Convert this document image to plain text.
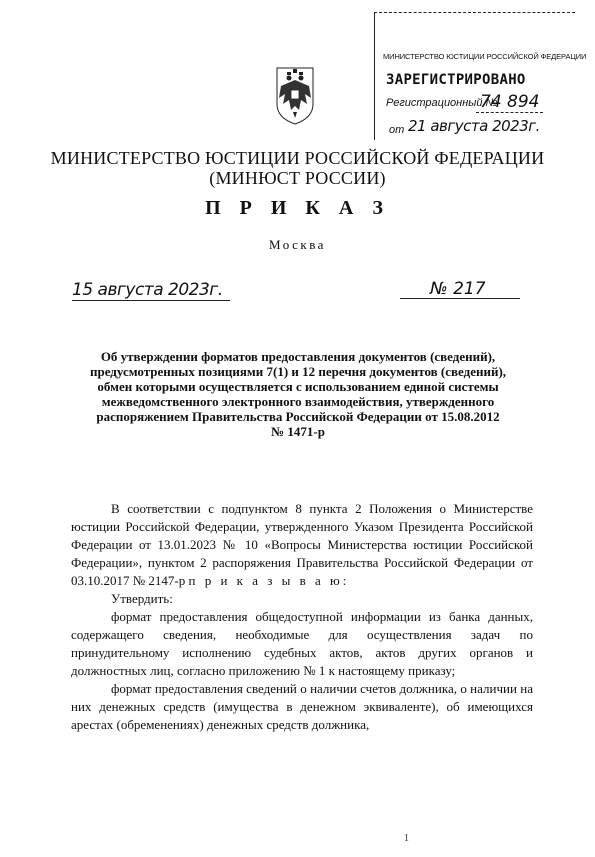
МИНИСТЕРСТВО ЮСТИЦИИ РОССИЙСКОЙ ФЕДЕРАЦИИ
ЗАРЕГИСТРИРОВАНО
Регистрационный №
74 894
от 21 августа 2023г.
МИНИСТЕРСТВО ЮСТИЦИИ РОССИЙСКОЙ ФЕДЕРАЦИИ
(МИНЮСТ РОССИИ)
П Р И К А З
Москва
15 августа 2023г.	№ 217
Об утверждении форматов предоставления документов (сведений),
предусмотренных позициями 7(1) и 12 перечня документов (сведений),
обмен которыми осуществляется с использованием единой системы
межведомственного электронного взаимодействия, утвержденного
распоряжением Правительства Российской Федерации от 15.08.2012
№ 1471-р

В соответствии с подпунктом 8 пункта 2 Положения о Министерстве юстиции Российской Федерации, утвержденного Указом Президента Российской Федерации от 13.01.2023 № 10 «Вопросы Министерства юстиции Российской Федерации», пунктом 2 распоряжения Правительства Российской Федерации от 03.10.2017 № 2147-р п р и к а з ы в а ю:

Утвердить:

формат предоставления общедоступной информации из банка данных, содержащего сведения, необходимые для осуществления задач по принудительному исполнению судебных актов, актов других органов и должностных лиц, согласно приложению № 1 к настоящему приказу;

формат предоставления сведений о наличии счетов должника, о наличии на них денежных средств (имущества в денежном эквиваленте), об имеющихся арестах (обременениях) денежных средств должника,

1
